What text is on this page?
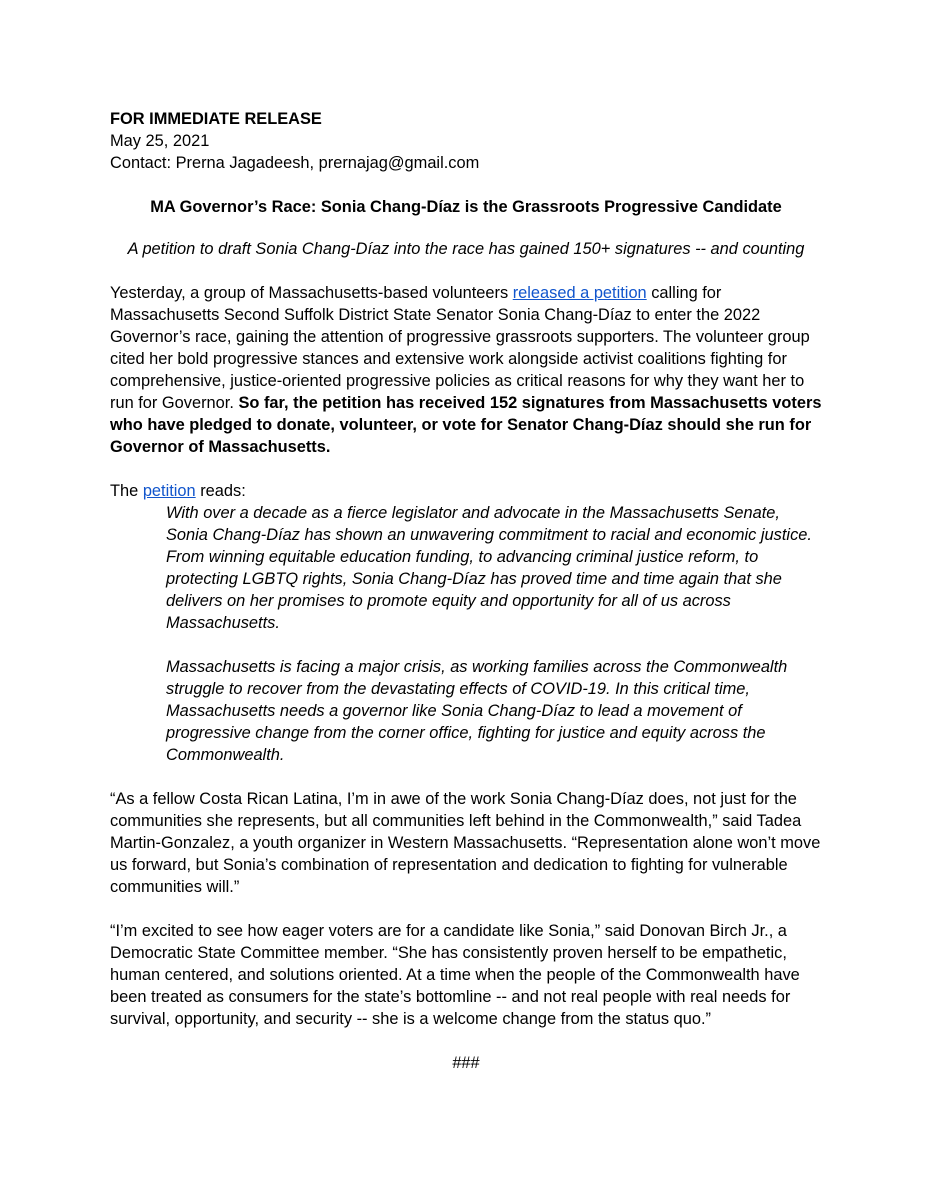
FOR IMMEDIATE RELEASE

May 25, 2021

Contact: Prerna Jagadeesh, prernajag@gmail.com

MA Governor’s Race: Sonia Chang-Díaz is the Grassroots Progressive Candidate

A petition to draft Sonia Chang-Díaz into the race has gained 150+ signatures -- and counting

Yesterday, a group of Massachusetts-based volunteers released a petition calling for Massachusetts Second Suffolk District State Senator Sonia Chang-Díaz to enter the 2022 Governor’s race, gaining the attention of progressive grassroots supporters. The volunteer group cited her bold progressive stances and extensive work alongside activist coalitions fighting for comprehensive, justice-oriented progressive policies as critical reasons for why they want her to run for Governor. So far, the petition has received 152 signatures from Massachusetts voters who have pledged to donate, volunteer, or vote for Senator Chang-Díaz should she run for Governor of Massachusetts.

The petition reads:

With over a decade as a fierce legislator and advocate in the Massachusetts Senate, Sonia Chang-Díaz has shown an unwavering commitment to racial and economic justice. From winning equitable education funding, to advancing criminal justice reform, to protecting LGBTQ rights, Sonia Chang-Díaz has proved time and time again that she delivers on her promises to promote equity and opportunity for all of us across Massachusetts.

Massachusetts is facing a major crisis, as working families across the Commonwealth struggle to recover from the devastating effects of COVID-19. In this critical time, Massachusetts needs a governor like Sonia Chang-Díaz to lead a movement of progressive change from the corner office, fighting for justice and equity across the Commonwealth.

“As a fellow Costa Rican Latina, I’m in awe of the work Sonia Chang-Díaz does, not just for the communities she represents, but all communities left behind in the Commonwealth,” said Tadea Martin-Gonzalez, a youth organizer in Western Massachusetts. “Representation alone won’t move us forward, but Sonia’s combination of representation and dedication to fighting for vulnerable communities will.”

“I’m excited to see how eager voters are for a candidate like Sonia,” said Donovan Birch Jr., a Democratic State Committee member. “She has consistently proven herself to be empathetic, human centered, and solutions oriented. At a time when the people of the Commonwealth have been treated as consumers for the state’s bottomline -- and not real people with real needs for survival, opportunity, and security -- she is a welcome change from the status quo.”

###
